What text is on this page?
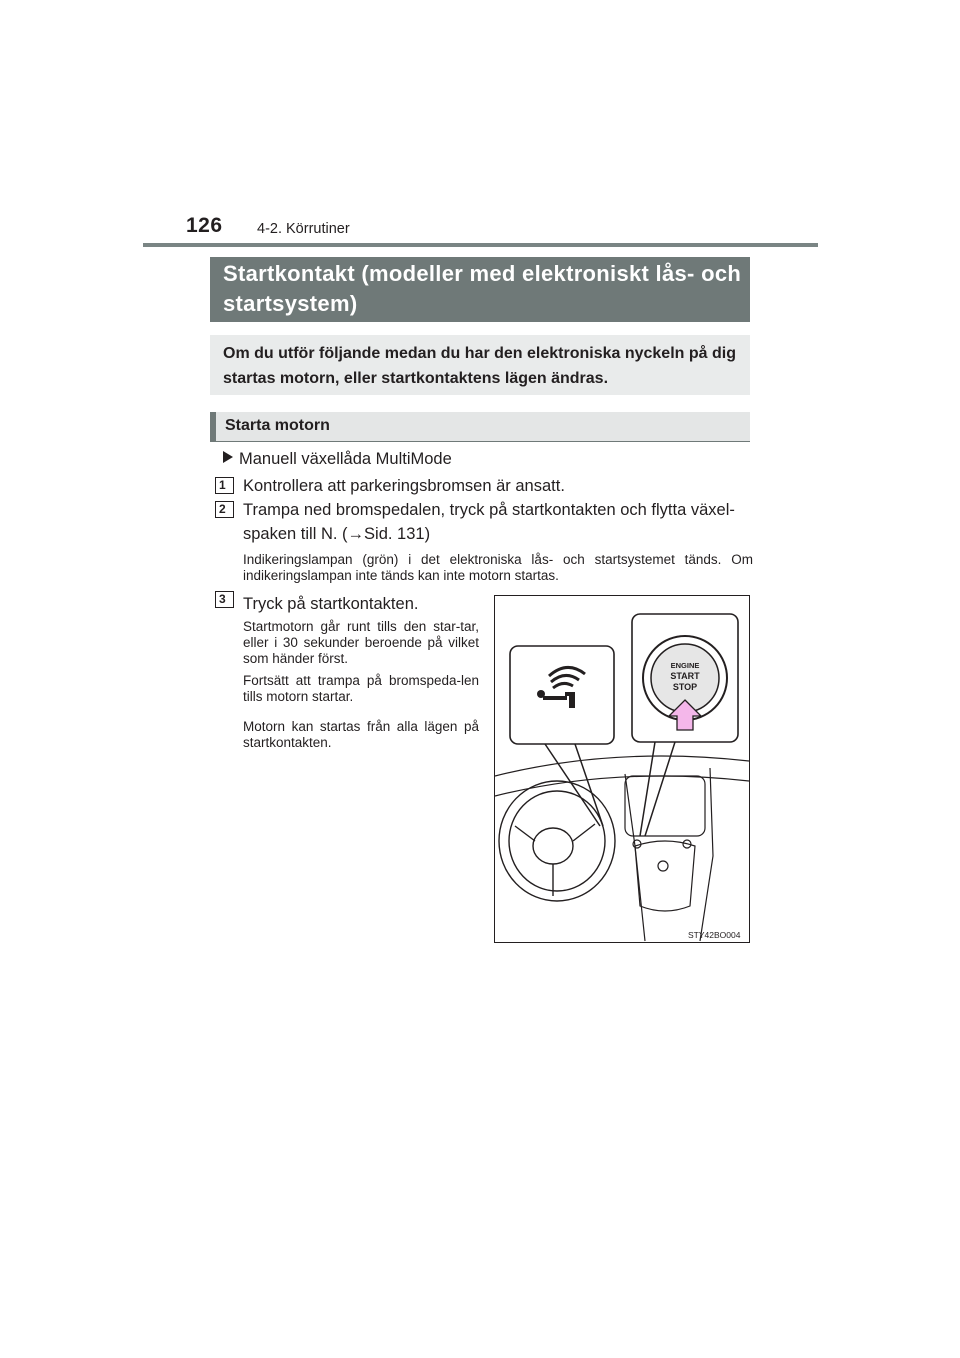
126 4-2. Körrutiner
Startkontakt (modeller med elektroniskt lås- och startsystem)
Om du utför följande medan du har den elektroniska nyckeln på dig startas motorn, eller startkontaktens lägen ändras.
Starta motorn
Manuell växellåda MultiMode
1	Kontrollera att parkeringsbromsen är ansatt.
2	Trampa ned bromspedalen, tryck på startkontakten och flytta växel-spaken till N. (→Sid. 131)
Indikeringslampan (grön) i det elektroniska lås- och startsystemet tänds. Om indikeringslampan inte tänds kan inte motorn startas.
3	Tryck på startkontakten.
Startmotorn går runt tills den star-tar, eller i 30 sekunder beroende på vilket som händer först.
Fortsätt att trampa på bromspeda-len tills motorn startar.
Motorn kan startas från alla lägen på startkontakten.
ENGINE
START
STOP
STY42BO004
